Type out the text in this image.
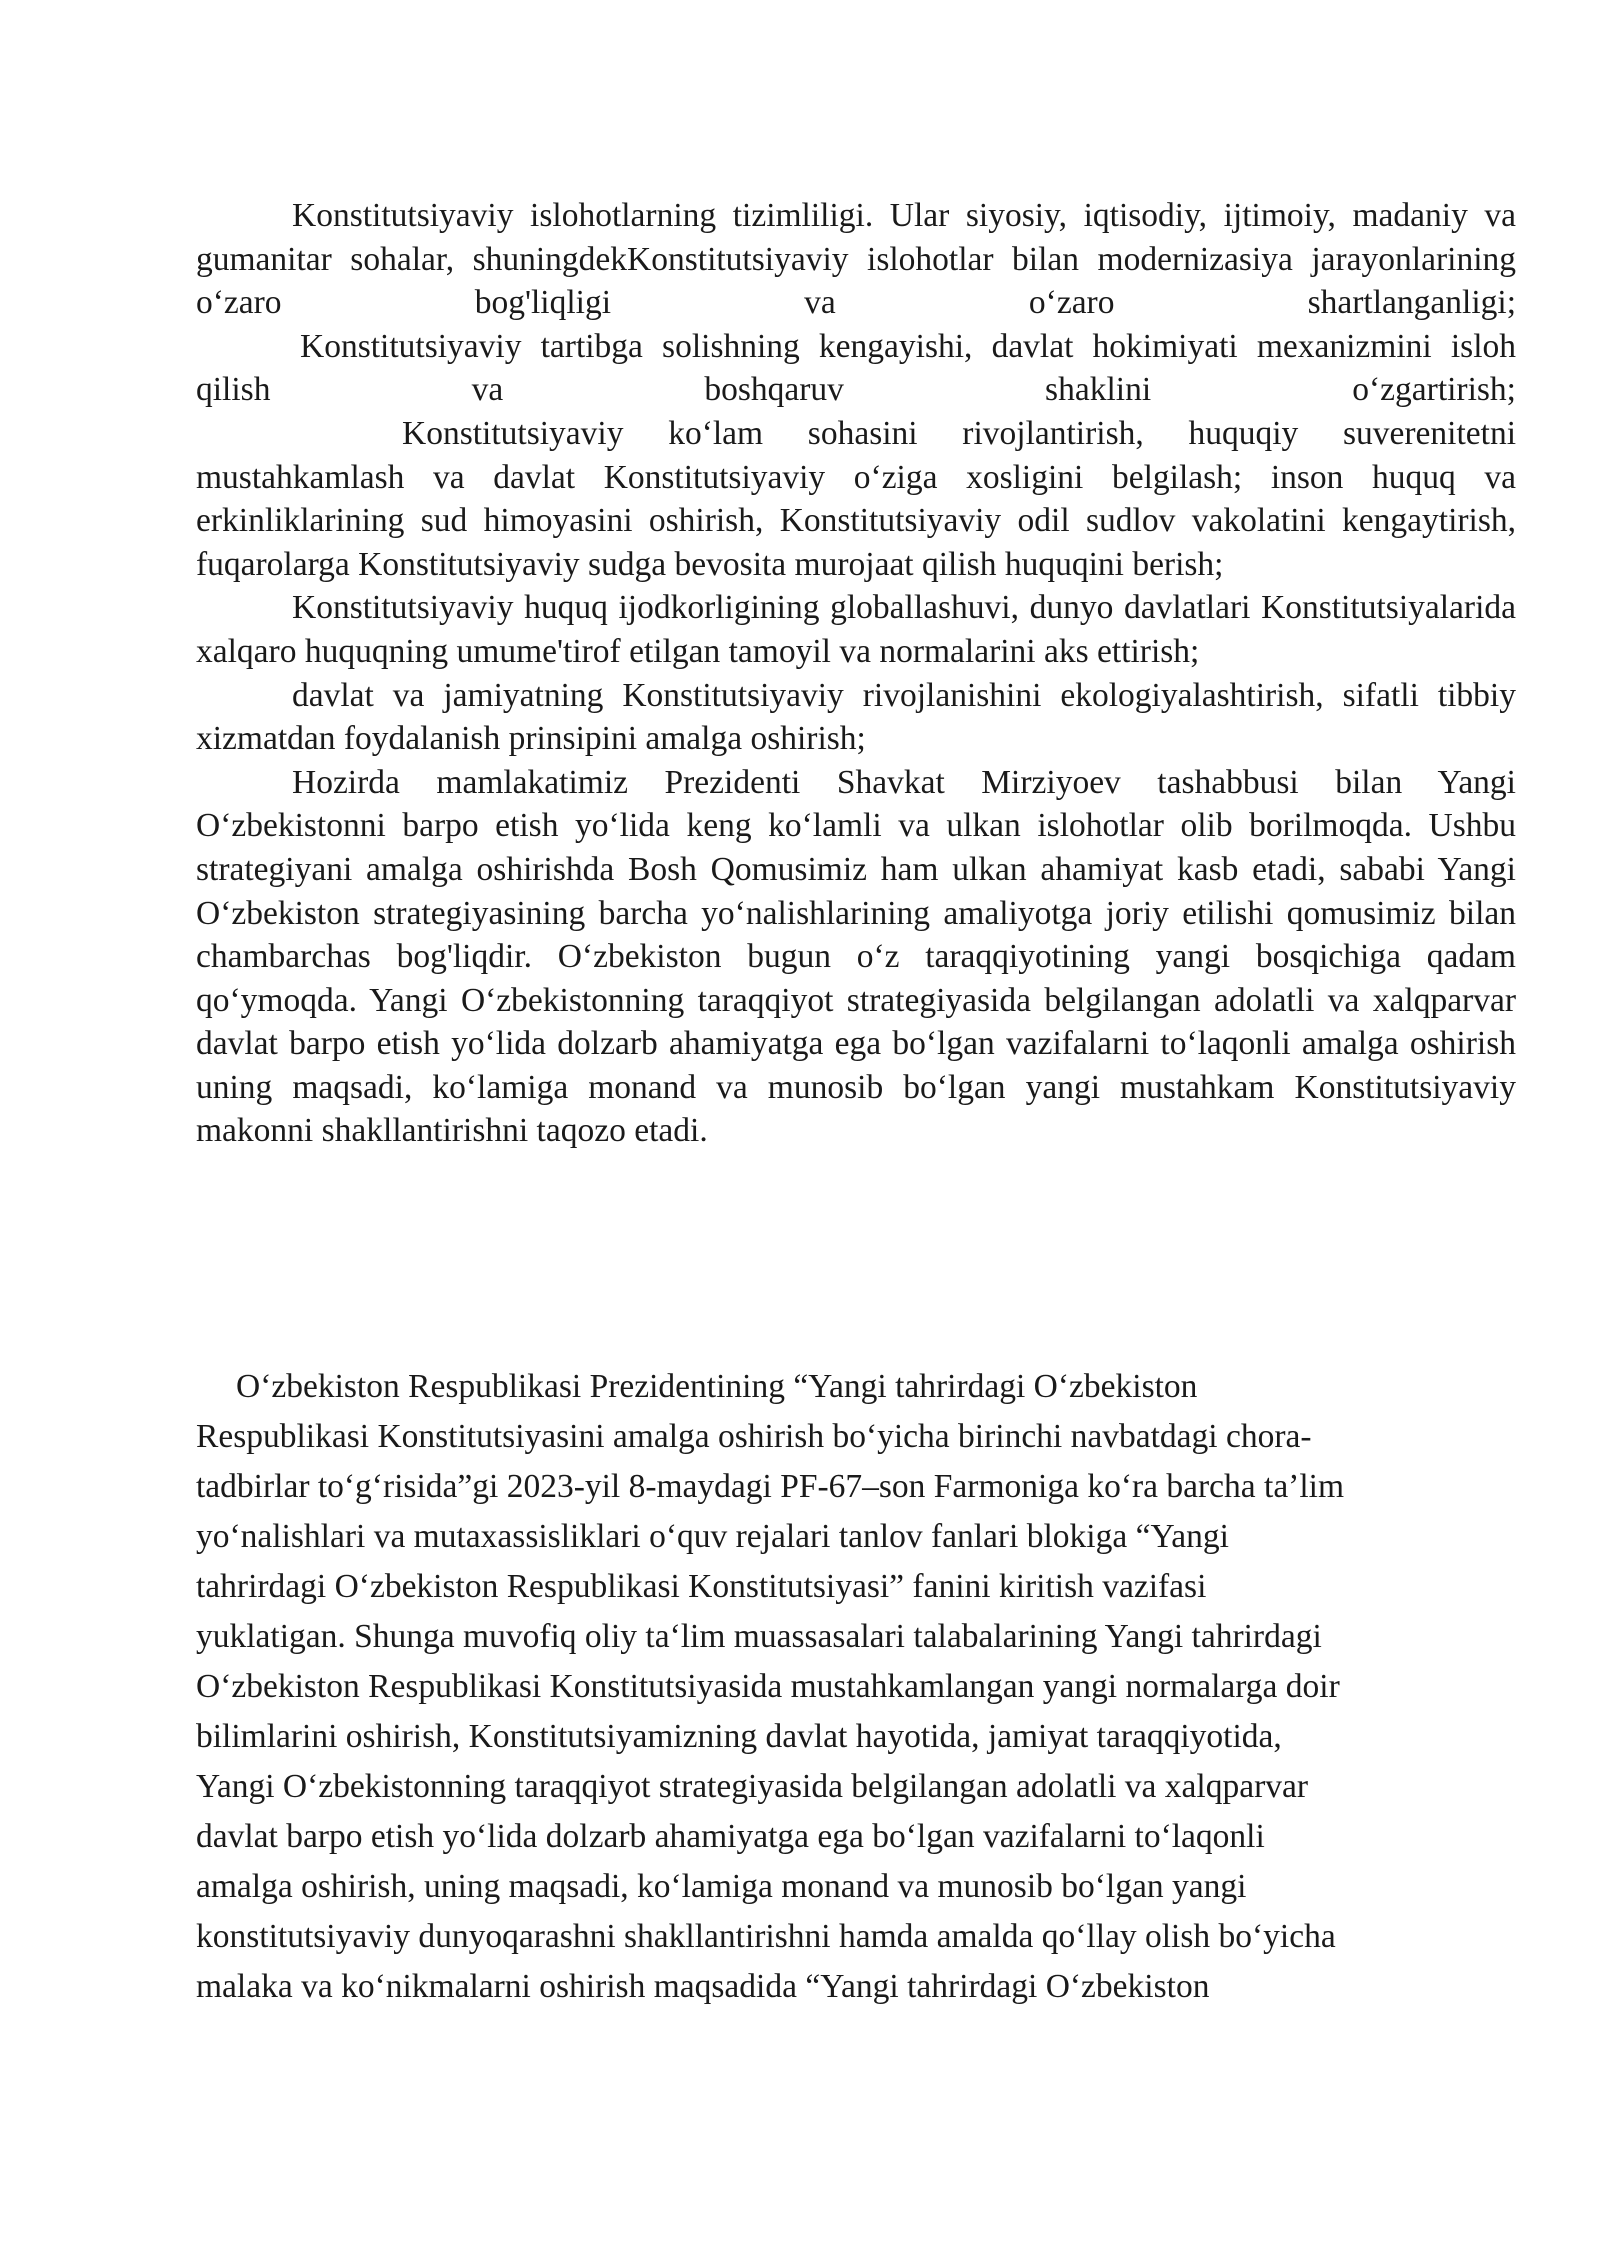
Konstitutsiyaviy islohotlarning tizimliligi. Ular siyosiy, iqtisodiy, ijtimoiy, madaniy va gumanitar sohalar, shuningdekKonstitutsiyaviy islohotlar bilan modernizasiya jarayonlarining o‘zaro bog'liqligi va o‘zaro shartlanganligi;

Konstitutsiyaviy tartibga solishning kengayishi, davlat hokimiyati mexanizmini isloh qilish va boshqaruv shaklini o‘zgartirish;

Konstitutsiyaviy ko‘lam sohasini rivojlantirish, huquqiy suverenitetni mustahkamlash va davlat Konstitutsiyaviy o‘ziga xosligini belgilash; inson huquq va erkinliklarining sud himoyasini oshirish, Konstitutsiyaviy odil sudlov vakolatini kengaytirish, fuqarolarga Konstitutsiyaviy sudga bevosita murojaat qilish huquqini berish;

Konstitutsiyaviy huquq ijodkorligining globallashuvi, dunyo davlatlari Konstitutsiyalarida xalqaro huquqning umume'tirof etilgan tamoyil va normalarini aks ettirish;

davlat va jamiyatning Konstitutsiyaviy rivojlanishini ekologiyalashtirish, sifatli tibbiy xizmatdan foydalanish prinsipini amalga oshirish;

Hozirda mamlakatimiz Prezidenti Shavkat Mirziyoev tashabbusi bilan Yangi O‘zbekistonni barpo etish yo‘lida keng ko‘lamli va ulkan islohotlar olib borilmoqda. Ushbu strategiyani amalga oshirishda Bosh Qomusimiz ham ulkan ahamiyat kasb etadi, sababi Yangi O‘zbekiston strategiyasining barcha yo‘nalishlarining amaliyotga joriy etilishi qomusimiz bilan chambarchas bog'liqdir. O‘zbekiston bugun o‘z taraqqiyotining yangi bosqichiga qadam qo‘ymoqda. Yangi O‘zbekistonning taraqqiyot strategiyasida belgilangan adolatli va xalqparvar davlat barpo etish yo‘lida dolzarb ahamiyatga ega bo‘lgan vazifalarni to‘laqonli amalga oshirish uning maqsadi, ko‘lamiga monand va munosib bo‘lgan yangi mustahkam Konstitutsiyaviy makonni shakllantirishni taqozo etadi.

O‘zbekiston Respublikasi Prezidentining “Yangi tahrirdagi O‘zbekiston

Respublikasi Konstitutsiyasini amalga oshirish bo‘yicha birinchi navbatdagi chora-

tadbirlar to‘g‘risida”gi 2023-yil 8-maydagi PF-67–son Farmoniga ko‘ra barcha ta’lim

yo‘nalishlari va mutaxassisliklari o‘quv rejalari tanlov fanlari blokiga “Yangi

tahrirdagi O‘zbekiston Respublikasi Konstitutsiyasi” fanini kiritish vazifasi

yuklatigan. Shunga muvofiq oliy ta‘lim muassasalari talabalarining Yangi tahrirdagi

O‘zbekiston Respublikasi Konstitutsiyasida mustahkamlangan yangi normalarga doir

bilimlarini oshirish, Konstitutsiyamizning davlat hayotida, jamiyat taraqqiyotida,

Yangi O‘zbekistonning taraqqiyot strategiyasida belgilangan adolatli va xalqparvar

davlat barpo etish yo‘lida dolzarb ahamiyatga ega bo‘lgan vazifalarni to‘laqonli

amalga oshirish, uning maqsadi, ko‘lamiga monand va munosib bo‘lgan yangi

konstitutsiyaviy dunyoqarashni shakllantirishni hamda amalda qo‘llay olish bo‘yicha

malaka va ko‘nikmalarni oshirish maqsadida “Yangi tahrirdagi O‘zbekiston
